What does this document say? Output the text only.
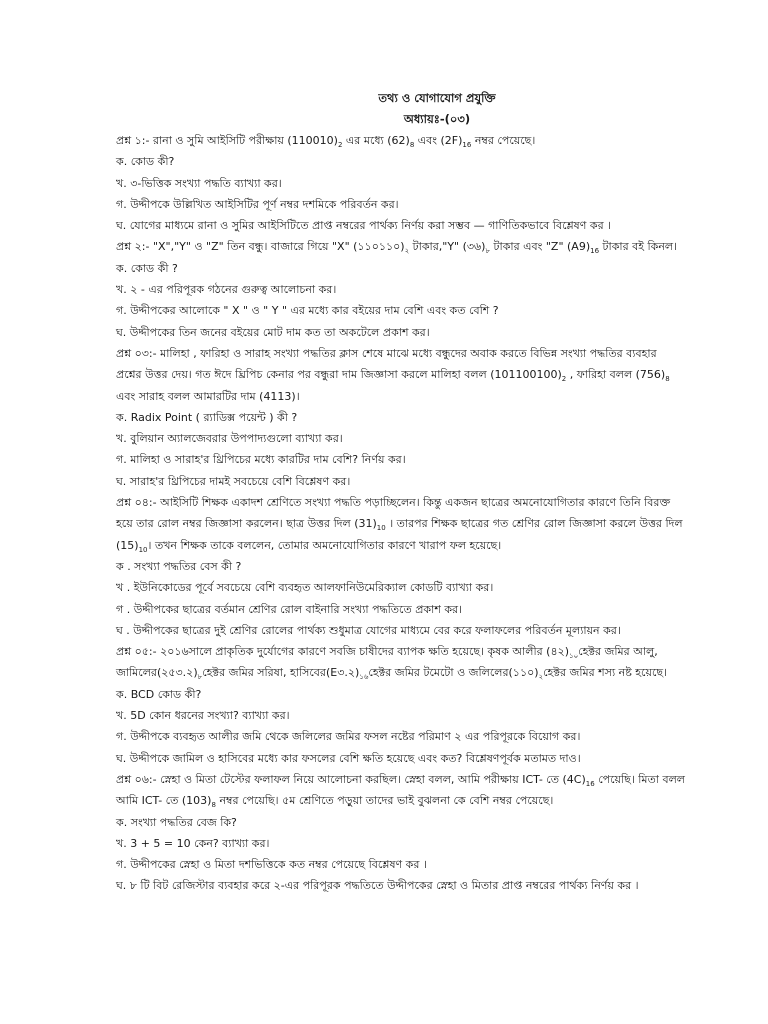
তথ্য ও যোগাযোগ প্রযুক্তি
অধ্যায়ঃ-(০৩)
প্রশ্ন ১:- রানা ও সুমি আইসিটি পরীক্ষায় $(110010)_2$ এর মধ্যে $(62)_8$ এবং $(2F)_{16}$ নম্বর পেয়েছে।
ক. কোড কী?
খ. ৩-ভিত্তিক সংখ্যা পদ্ধতি ব্যাখ্যা কর।
গ. উদ্দীপকে উল্লিখিত আইসিটির পূর্ণ নম্বর দশমিকে পরিবর্তন কর।
ঘ. যোগের মাধ্যমে রানা ও সুমির আইসিটিতে প্রাপ্ত নম্বরের পার্থক্য নির্ণয় করা সম্ভব — গাণিতিকভাবে বিশ্লেষণ কর ।
প্রশ্ন ২:- "X","Y" ও "Z" তিন বন্ধু। বাজারে গিয়ে "X" $(১১০১১০)_২$ টাকার,"Y" $(৩৬)_৮$ টাকার এবং "Z" $(A9)_{16}$ টাকার বই কিনল।
ক. কোড কী ?
খ. ২ - এর পরিপূরক গঠনের গুরুত্ব আলোচনা কর।
গ. উদ্দীপকের আলোকে " X " ও " Y " এর মধ্যে কার বইয়ের দাম বেশি এবং কত বেশি ?
ঘ. উদ্দীপকের তিন জনের বইয়ের মোট দাম কত তা অকটেলে প্রকাশ কর।
প্রশ্ন ০৩:- মালিহা , ফারিহা ও সারাহ সংখ্যা পদ্ধতির ক্লাস শেষে মাঝে মধ্যে বন্ধুদের অবাক করতে বিভিন্ন সংখ্যা পদ্ধতির ব্যবহার
প্রশ্নের উত্তর দেয়। গত ঈদে ঘ্রিপিচ কেনার পর বন্ধুরা দাম জিজ্ঞাসা করলে মালিহা বলল $(101100100)_2$ , ফারিহা বলল $(756)_8$
এবং সারাহ বলল আমারটির দাম (4113)।
ক. Radix Point ( র‍্যাডিক্স পয়েন্ট ) কী ?
খ. বুলিয়ান অ্যালজেবরার উপপাদ্যগুলো ব্যাখ্যা কর।
গ. মালিহা ও সারাহ'র থ্রিপিচের মধ্যে কারটির দাম বেশি? নির্ণয় কর।
ঘ. সারাহ'র থ্রিপিচের দামই সবচেয়ে বেশি বিশ্লেষণ কর।
প্রশ্ন ০৪:- আইসিটি শিক্ষক একাদশ শ্রেণিতে সংখ্যা পদ্ধতি পড়াচ্ছিলেন। কিন্তু একজন ছাত্রের অমনোযোগিতার কারণে তিনি বিরক্ত
হয়ে তার রোল নম্বর জিজ্ঞাসা করলেন। ছাত্র উত্তর দিল $(31)_{10}$ । তারপর শিক্ষক ছাত্রের গত শ্রেণির রোল জিজ্ঞাসা করলে উত্তর দিল
$(15)_{10}।$ তখন শিক্ষক তাকে বললেন, তোমার অমনোযোগিতার কারণে খারাপ ফল হয়েছে।
ক . সংখ্যা পদ্ধতির বেস কী ?
খ . ইউনিকোডের পূর্বে সবচেয়ে বেশি ব্যবহৃত আলফানিউমেরিক্যাল কোডটি ব্যাখ্যা কর।
গ . উদ্দীপকের ছাত্রের বর্তমান শ্রেণির রোল বাইনারি সংখ্যা পদ্ধতিতে প্রকাশ কর।
ঘ . উদ্দীপকের ছাত্রের দুই শ্রেণির রোলের পার্থক্য শুধুমাত্র যোগের মাধ্যমে বের করে ফলাফলের পরিবর্তন মূল্যায়ন কর।
প্রশ্ন ০৫:- ২০১৬সালে প্রাকৃতিক দুর্যোগের কারণে সবজি চাষীদের ব্যাপক ক্ষতি হয়েছে। কৃষক আলীর $(৪২)_{১০}হেক্টর$ জমির আলু,
$জামিলের(২৫৩.২)_৮হেক্টর$ জমির সরিষা, $হাসিবের(E৩.২)_{১৬}হেক্টর$ জমির টমেটো ও $জলিলের(১১০)_২হেক্টর$ জমির শস্য নষ্ট হয়েছে।
ক. BCD কোড কী?
খ. 5D কোন ধরনের সংখ্যা? ব্যাখ্যা কর।
গ. উদ্দীপকে ব্যবহৃত আলীর জমি থেকে জলিলের জমির ফসল নষ্টের পরিমাণ ২ এর পরিপূরকে বিয়োগ কর।
ঘ. উদ্দীপকে জামিল ও হাসিবের মধ্যে কার ফসলের বেশি ক্ষতি হয়েছে এবং কত? বিশ্লেষণপূর্বক মতামত দাও।
প্রশ্ন ০৬:- স্নেহা ও মিতা টেস্টের ফলাফল নিয়ে আলোচনা করছিল। স্নেহা বলল, আমি পরীক্ষায় ICT- তে $(4C)_{16}$ পেয়েছি। মিতা বলল
আমি ICT- তে $(103)_8$ নম্বর পেয়েছি। ৫ম শ্রেণিতে পড়ুয়া তাদের ভাই বুঝলনা কে বেশি নম্বর পেয়েছে।
ক. সংখ্যা পদ্ধতির বেজ কি?
খ. 3 + 5 = 10 কেন? ব্যাখ্যা কর।
গ. উদ্দীপকের স্নেহা ও মিতা দশভিত্তিকে কত নম্বর পেয়েছে বিশ্লেষণ কর ।
ঘ. ৮ টি বিট রেজিস্টার ব্যবহার করে ২-এর পরিপূরক পদ্ধতিতে উদ্দীপকের স্নেহা ও মিতার প্রাপ্ত নম্বরের পার্থক্য নির্ণয় কর ।
